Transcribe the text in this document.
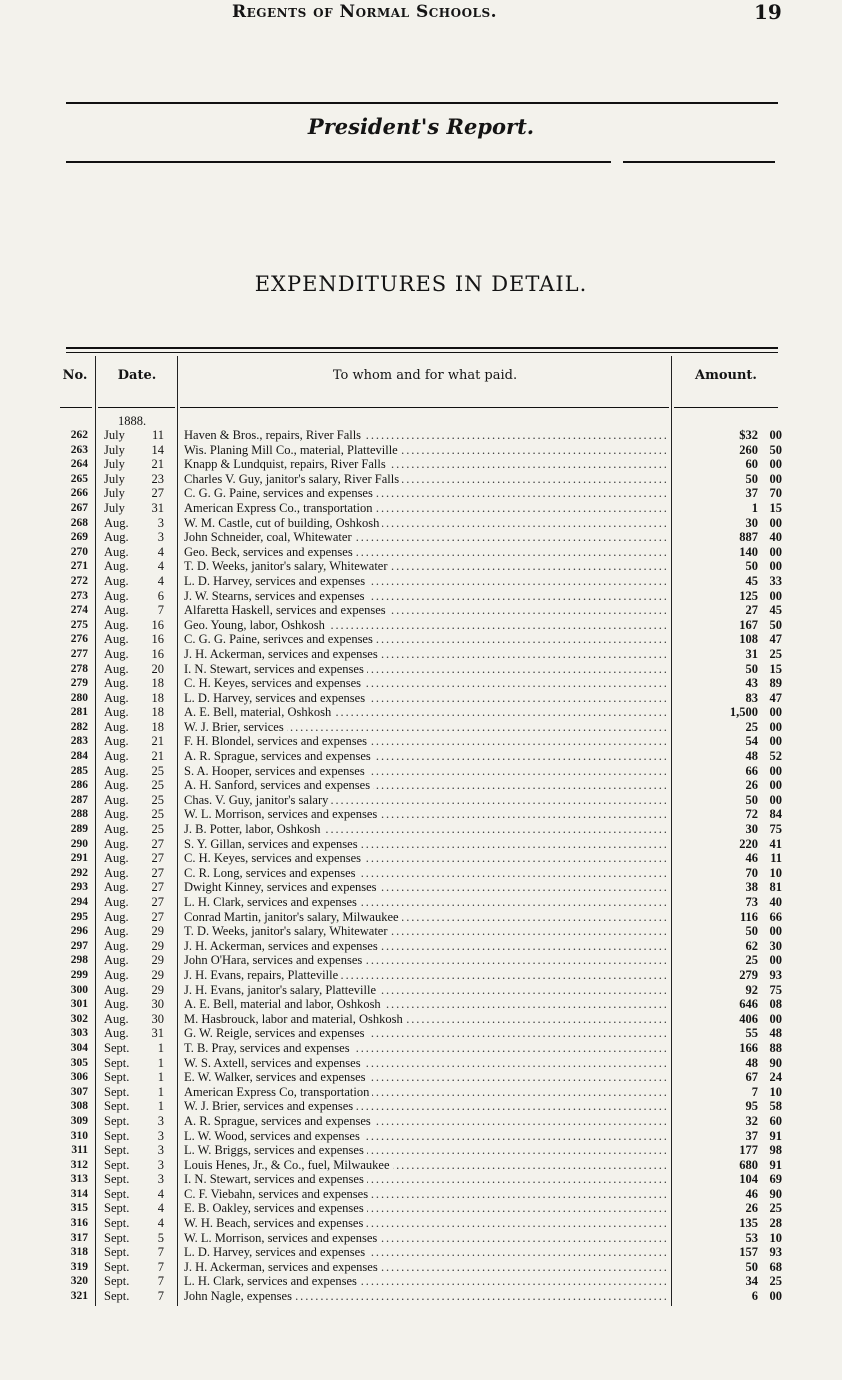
Regents of Normal Schools.	19
President's Report.
EXPENDITURES IN DETAIL.
No.	Date.	To whom and for what paid.	Amount.
1888.
262 July	11 Haven & Bros., repairs, River Falls . . .	$32 00
263 July	14 Wis. Planing Mill Co., material, Platteville . . .	260 50
264 July	21 Knapp & Lundquist, repairs, River Falls . . .	60 00
265 July	23 Charles V. Guy, janitor's salary, River Falls . . .	50 00
266 July	27 C. G. G. Paine, services and expenses . . .	37 70
267 July	31 American Express Co., transportation . . .	1 15
268 Aug.	3 W. M. Castle, cut of building, Oshkosh . . .	30 00
269 Aug.	3 John Schneider, coal, Whitewater . . .	887 40
270 Aug.	4 Geo. Beck, services and expenses . . .	140 00
271 Aug.	4 T. D. Weeks, janitor's salary, Whitewater . . .	50 00
272 Aug.	4 L. D. Harvey, services and expenses . . .	45 33
273 Aug.	6 J. W. Stearns, services and expenses . . .	125 00
274 Aug.	7 Alfaretta Haskell, services and expenses . . .	27 45
275 Aug.	16 Geo. Young, labor, Oshkosh . . .	167 50
276 Aug.	16 C. G. G. Paine, serivces and expenses . . .	108 47
277 Aug.	16 J. H. Ackerman, services and expenses . . .	31 25
278 Aug.	20 I. N. Stewart, services and expenses . . .	50 15
279 Aug.	18 C. H. Keyes, services and expenses . . .	43 89
280 Aug.	18 L. D. Harvey, services and expenses . . .	83 47
281 Aug.	18 A. E. Bell, material, Oshkosh . . .	1,500 00
282 Aug.	18 W. J. Brier, services . . .	25 00
283 Aug.	21 F. H. Blondel, services and expenses . . .	54 00
284 Aug.	21 A. R. Sprague, services and expenses . . .	48 52
285 Aug.	25 S. A. Hooper, services and expenses . . .	66 00
286 Aug.	25 A. H. Sanford, services and expenses . . .	26 00
287 Aug.	25 Chas. V. Guy, janitor's salary . . .	50 00
288 Aug.	25 W. L. Morrison, services and expenses . . .	72 84
289 Aug.	25 J. B. Potter, labor, Oshkosh . . .	30 75
290 Aug.	27 S. Y. Gillan, services and expenses . . .	220 41
291 Aug.	27 C. H. Keyes, services and expenses . . .	46 11
292 Aug.	27 C. R. Long, services and expenses . . .	70 10
293 Aug.	27 Dwight Kinney, services and expenses . . .	38 81
294 Aug.	27 L. H. Clark, services and expenses . . .	73 40
295 Aug.	27 Conrad Martin, janitor's salary, Milwaukee . . .	116 66
296 Aug.	29 T. D. Weeks, janitor's salary, Whitewater . . .	50 00
297 Aug.	29 J. H. Ackerman, services and expenses . . .	62 30
298 Aug.	29 John O'Hara, services and expenses . . .	25 00
299 Aug.	29 J. H. Evans, repairs, Platteville . . .	279 93
300 Aug.	29 J. H. Evans, janitor's salary, Platteville . . .	92 75
301 Aug.	30 A. E. Bell, material and labor, Oshkosh . . .	646 08
302 Aug.	30 M. Hasbrouck, labor and material, Oshkosh . . .	406 00
303 Aug.	31 G. W. Reigle, services and expenses . . .	55 48
304 Sept.	1 T. B. Pray, services and expenses . . .	166 88
305 Sept.	1 W. S. Axtell, services and expenses . . .	48 90
306 Sept.	1 E. W. Walker, services and expenses . . .	67 24
307 Sept.	1 American Express Co, transportation . . .	7 10
308 Sept.	1 W. J. Brier, services and expenses . . .	95 58
309 Sept.	3 A. R. Sprague, services and expenses . . .	32 60
310 Sept.	3 L. W. Wood, services and expenses . . .	37 91
311 Sept.	3 L. W. Briggs, services and expenses . . .	177 98
312 Sept.	3 Louis Henes, Jr., & Co., fuel, Milwaukee . . .	680 91
313 Sept.	3 I. N. Stewart, services and expenses . . .	104 69
314 Sept.	4 C. F. Viebahn, services and expenses . . .	46 90
315 Sept.	4 E. B. Oakley, services and expenses . . .	26 25
316 Sept.	4 W. H. Beach, services and expenses . . .	135 28
317 Sept.	5 W. L. Morrison, services and expenses . . .	53 10
318 Sept.	7 L. D. Harvey, services and expenses . . .	157 93
319 Sept.	7 J. H. Ackerman, services and expenses . . .	50 68
320 Sept.	7 L. H. Clark, services and expenses . . .	34 25
321 Sept.	7 John Nagle, expenses . . .	6 00
